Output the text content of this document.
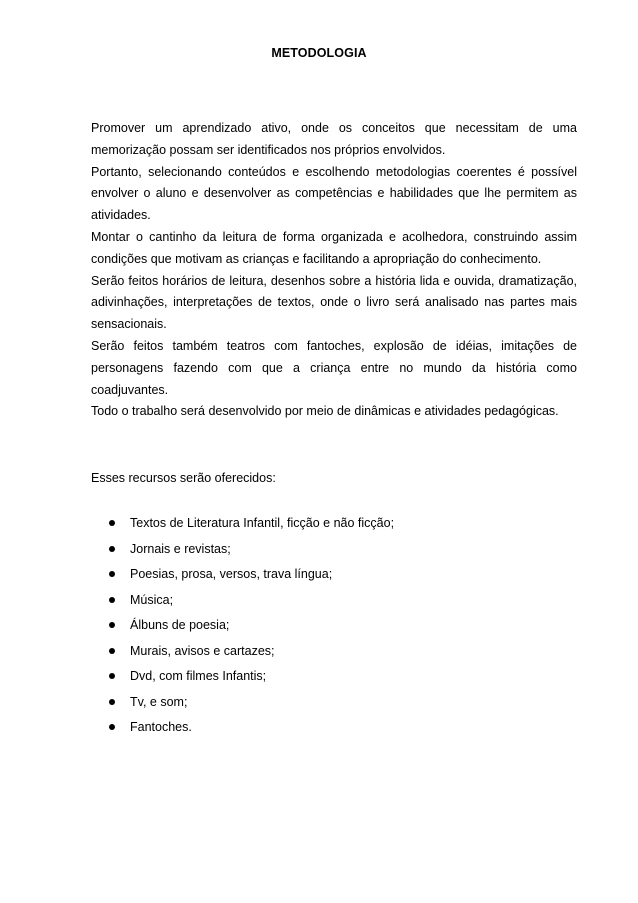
METODOLOGIA

Promover um aprendizado ativo, onde os conceitos que necessitam de uma memorização possam ser identificados nos próprios envolvidos.

Portanto, selecionando conteúdos e escolhendo metodologias coerentes é possível envolver o aluno e desenvolver as competências e habilidades que lhe permitem as atividades.

Montar o cantinho da leitura de forma organizada e acolhedora, construindo assim condições que motivam as crianças e facilitando a apropriação do conhecimento.

Serão feitos horários de leitura, desenhos sobre a história lida e ouvida, dramatização, adivinhações, interpretações de textos, onde o livro será analisado nas partes mais sensacionais.

Serão feitos também teatros com fantoches, explosão de idéias, imitações de personagens fazendo com que a criança entre no mundo da história como coadjuvantes.

Todo o trabalho será desenvolvido por meio de dinâmicas e atividades pedagógicas.

Esses recursos serão oferecidos:
Textos de Literatura Infantil, ficção e não ficção;
Jornais e revistas;
Poesias, prosa, versos, trava língua;
Música;
Álbuns de poesia;
Murais, avisos e cartazes;
Dvd, com filmes Infantis;
Tv, e som;
Fantoches.
